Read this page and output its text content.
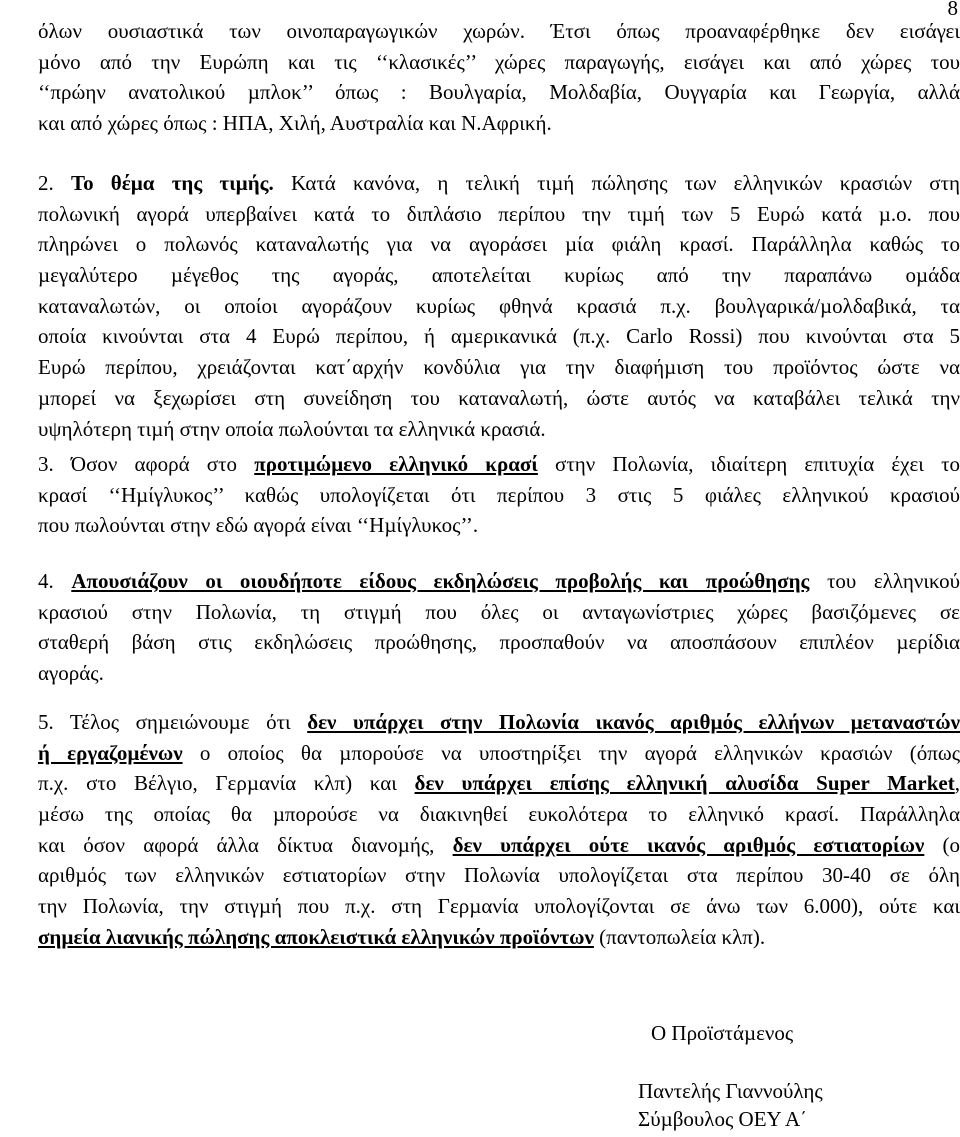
8
όλων ουσιαστικά των οινοπαραγωγικών χωρών. Έτσι όπως προαναφέρθηκε δεν εισάγει
µόνο από την Ευρώπη και τις ‘‘κλασικές’’ χώρες παραγωγής, εισάγει και από χώρες του
‘‘πρώην ανατολικού µπλοκ’’ όπως : Βουλγαρία, Μολδαβία, Ουγγαρία και Γεωργία, αλλά
και από χώρες όπως : ΗΠΑ, Χιλή, Αυστραλία και Ν.Αφρική.
2. Το θέµα της τιµής. Κατά κανόνα, η τελική τιµή πώλησης των ελληνικών κρασιών στη
πολωνική αγορά υπερβαίνει κατά το διπλάσιο περίπου την τιµή των 5 Ευρώ κατά µ.ο. που
πληρώνει ο πολωνός καταναλωτής για να αγοράσει µία φιάλη κρασί. Παράλληλα καθώς το
µεγαλύτερο µέγεθος της αγοράς, αποτελείται κυρίως από την παραπάνω οµάδα
καταναλωτών, οι οποίοι αγοράζουν κυρίως φθηνά κρασιά π.χ. βουλγαρικά/µολδαβικά, τα
οποία κινούνται στα 4 Ευρώ περίπου, ή αµερικανικά (π.χ. Carlo Rossi) που κινούνται στα 5
Ευρώ περίπου, χρειάζονται κατ΄αρχήν κονδύλια για την διαφήµιση του προϊόντος ώστε να
µπορεί να ξεχωρίσει στη συνείδηση του καταναλωτή, ώστε αυτός να καταβάλει τελικά την
υψηλότερη τιµή στην οποία πωλούνται τα ελληνικά κρασιά.
3. Όσον αφορά στο προτιµώµενο ελληνικό κρασί στην Πολωνία, ιδιαίτερη επιτυχία έχει το
κρασί ‘‘Ηµίγλυκος’’ καθώς υπολογίζεται ότι περίπου 3 στις 5 φιάλες ελληνικού κρασιού
που πωλούνται στην εδώ αγορά είναι ‘‘Ηµίγλυκος’’.
4. Απουσιάζουν οι οιουδήποτε είδους εκδηλώσεις προβολής και προώθησης του ελληνικού
κρασιού στην Πολωνία, τη στιγµή που όλες οι ανταγωνίστριες χώρες βασιζόµενες σε
σταθερή βάση στις εκδηλώσεις προώθησης, προσπαθούν να αποσπάσουν επιπλέον µερίδια
αγοράς.
5. Τέλος σηµειώνουµε ότι δεν υπάρχει στην Πολωνία ικανός αριθµός ελλήνων µεταναστών
ή εργαζοµένων ο οποίος θα µπορούσε να υποστηρίξει την αγορά ελληνικών κρασιών (όπως
π.χ. στο Βέλγιο, Γερµανία κλπ) και δεν υπάρχει επίσης ελληνική αλυσίδα Super Market,
µέσω της οποίας θα µπορούσε να διακινηθεί ευκολότερα το ελληνικό κρασί. Παράλληλα
και όσον αφορά άλλα δίκτυα διανοµής, δεν υπάρχει ούτε ικανός αριθµός εστιατορίων (ο
αριθµός των ελληνικών εστιατορίων στην Πολωνία υπολογίζεται στα περίπου 30-40 σε όλη
την Πολωνία, την στιγµή που π.χ. στη Γερµανία υπολογίζονται σε άνω των 6.000), ούτε και
σηµεία λιανικής πώλησης αποκλειστικά ελληνικών προϊόντων (παντοπωλεία κλπ).
Ο Προϊστάµενος
Παντελής Γιαννούλης
Σύµβουλος ΟΕΥ Α΄
